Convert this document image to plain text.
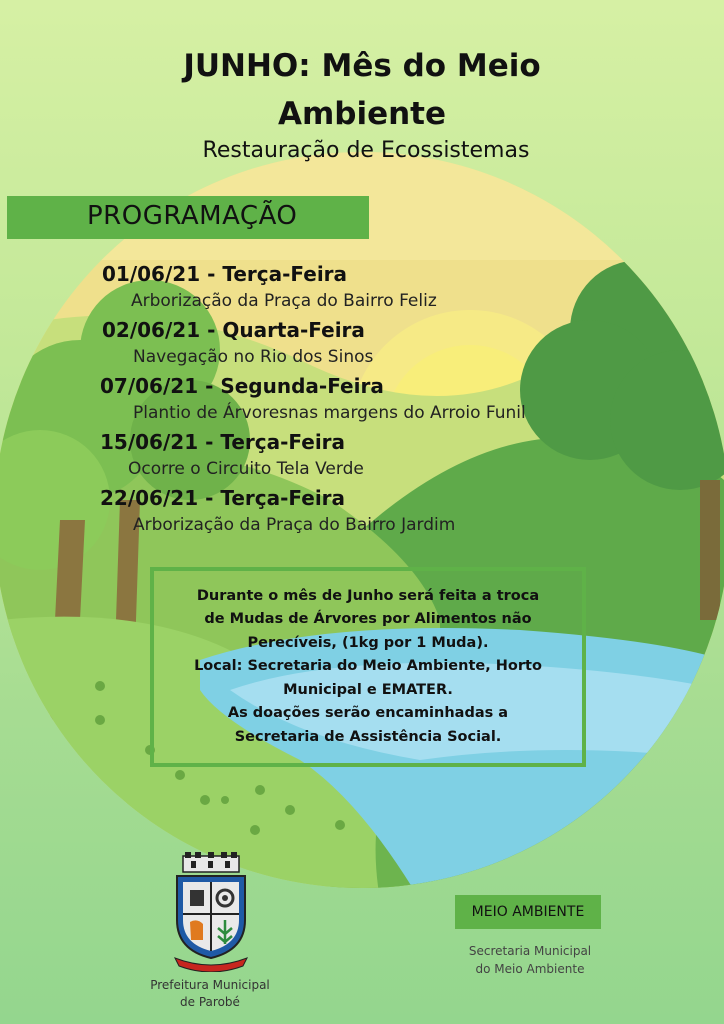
JUNHO: Mês do Meio
Ambiente

Restauração de Ecossistemas

PROGRAMAÇÃO
01/06/21 - Terça-Feira
Arborização da Praça do Bairro Feliz
02/06/21 - Quarta-Feira
Navegação no Rio dos Sinos
07/06/21 - Segunda-Feira
Plantio de Árvoresnas margens do Arroio Funil
15/06/21 - Terça-Feira
Ocorre o Circuito Tela Verde
22/06/21 - Terça-Feira
Arborização da Praça do Bairro Jardim

Durante o mês de Junho será feita a troca

de Mudas de Árvores por Alimentos não

Perecíveis, (1kg por 1 Muda).

Local: Secretaria do Meio Ambiente, Horto

Municipal e EMATER.

As doações serão encaminhadas a

Secretaria de Assistência Social.

Prefeitura Municipal
de Parobé
MEIO AMBIENTE
Secretaria Municipal
do Meio Ambiente
